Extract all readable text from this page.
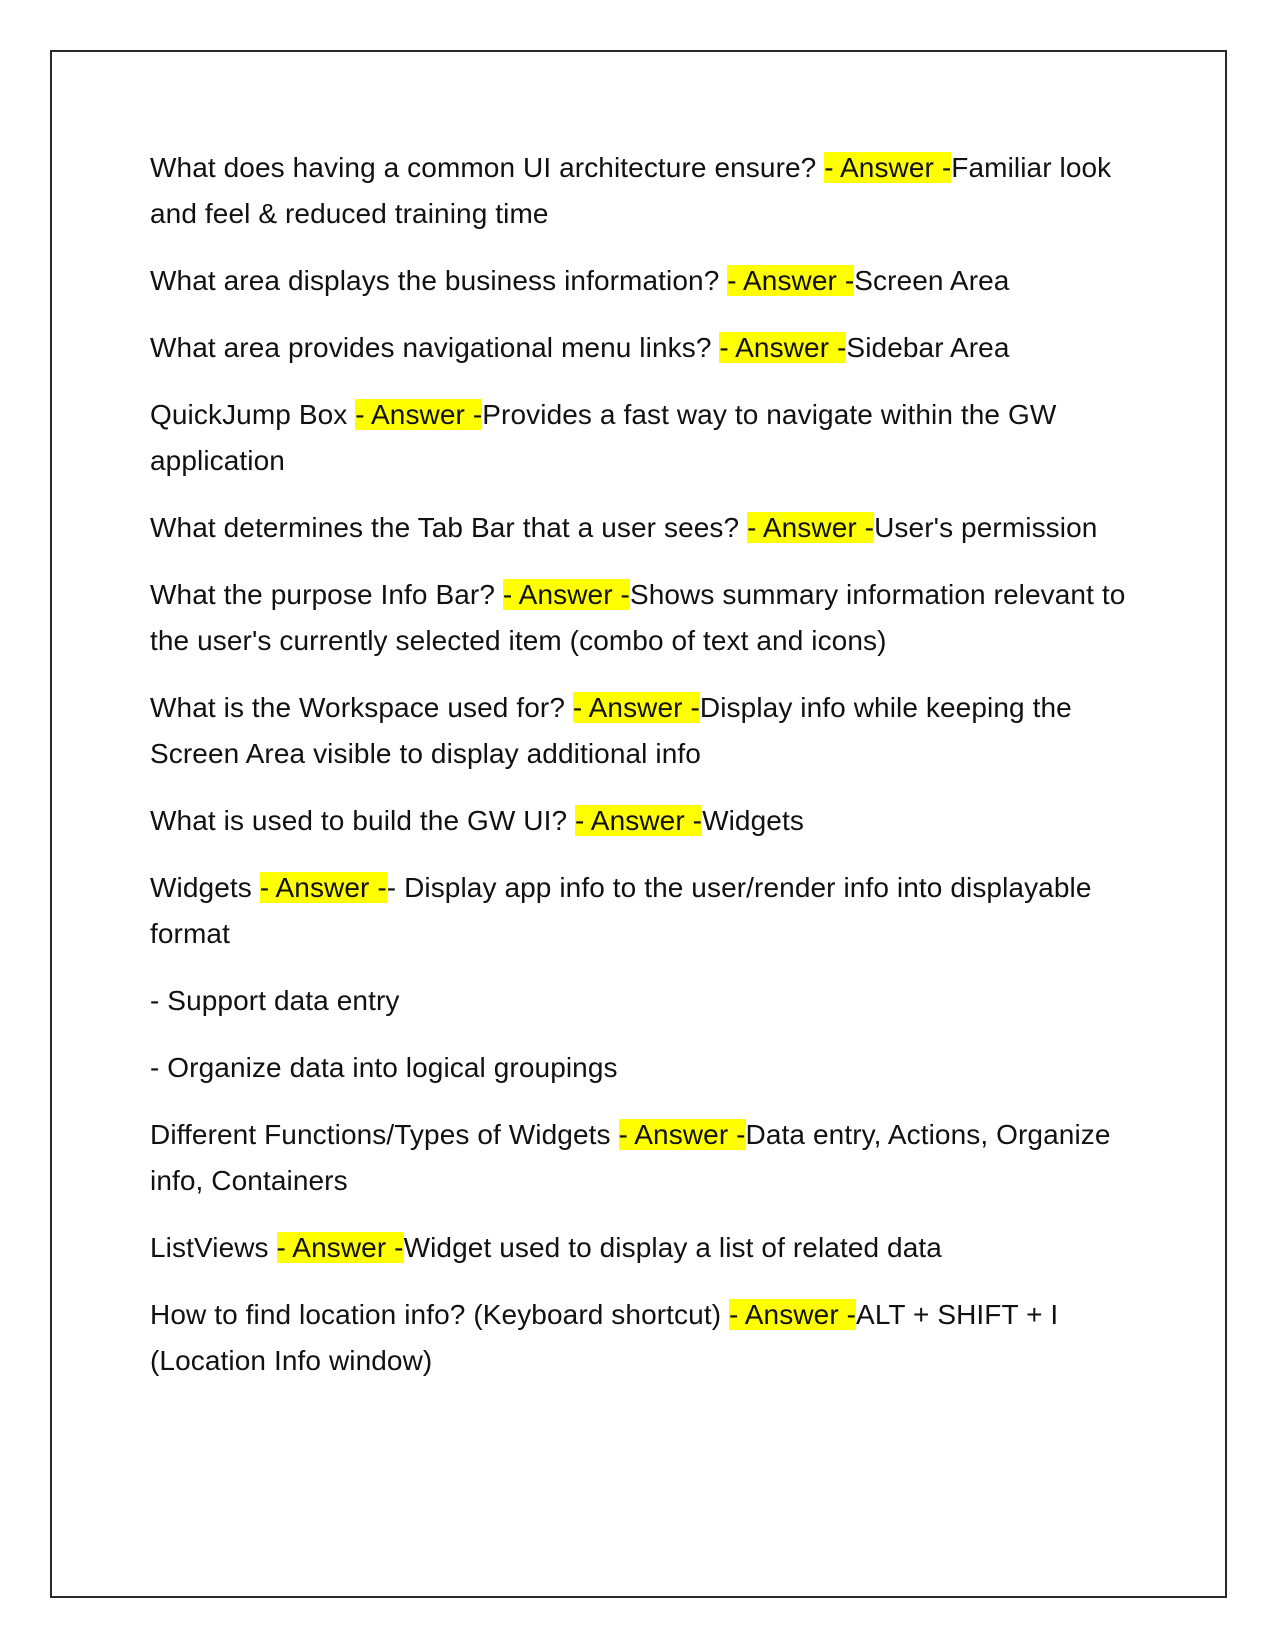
What does having a common UI architecture ensure? - Answer -Familiar look and feel & reduced training time

What area displays the business information? - Answer -Screen Area

What area provides navigational menu links? - Answer -Sidebar Area

QuickJump Box - Answer -Provides a fast way to navigate within the GW application

What determines the Tab Bar that a user sees? - Answer -User's permission

What the purpose Info Bar? - Answer -Shows summary information relevant to the user's currently selected item (combo of text and icons)

What is the Workspace used for? - Answer -Display info while keeping the Screen Area visible to display additional info

What is used to build the GW UI? - Answer -Widgets

Widgets - Answer -- Display app info to the user/render info into displayable format

- Support data entry

- Organize data into logical groupings

Different Functions/Types of Widgets - Answer -Data entry, Actions, Organize info, Containers

ListViews - Answer -Widget used to display a list of related data

How to find location info? (Keyboard shortcut) - Answer -ALT + SHIFT + I (Location Info window)
